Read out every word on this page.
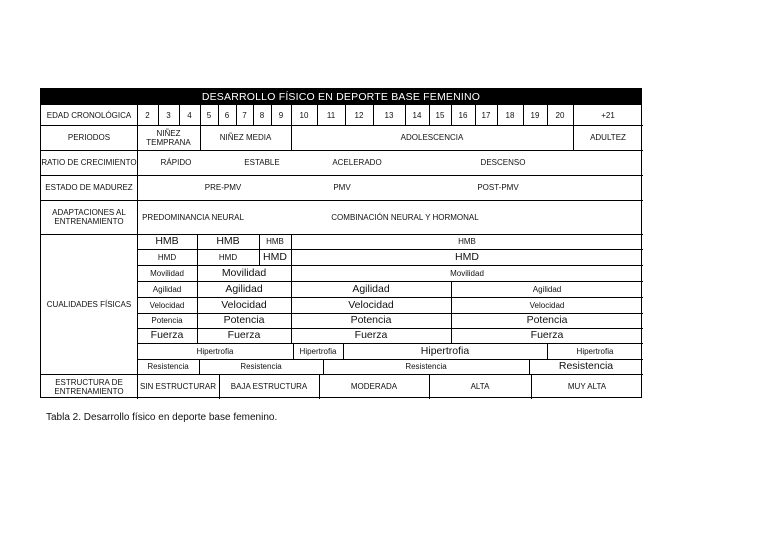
DESARROLLO FÍSICO EN DEPORTE BASE FEMENINO
EDAD CRONOLÓGICA	2	3	4	5	6	7	8	9	10	11	12	13	14	15	16	17	18	19	20	+21
PERIODOS	NIÑEZ TEMPRANA	NIÑEZ MEDIA	ADOLESCENCIA	ADULTEZ
RATIO DE CRECIMIENTO	RÁPIDO	ESTABLE	ACELERADO	DESCENSO
ESTADO DE MADUREZ	PRE-PMV	PMV	POST-PMV
ADAPTACIONES AL ENTRENAMIENTO	PREDOMINANCIA NEURAL	COMBINACIÓN NEURAL Y HORMONAL
CUALIDADES FÍSICAS
HMB	HMB	HMB	HMB
HMD	HMD	HMD	HMD
Movilidad	Movilidad	Movilidad
Agilidad	Agilidad	Agilidad	Agilidad
Velocidad	Velocidad	Velocidad	Velocidad
Potencia	Potencia	Potencia	Potencia
Fuerza	Fuerza	Fuerza	Fuerza
Hipertrofia	Hipertrofia	Hipertrofia	Hipertrofia
Resistencia	Resistencia	Resistencia	Resistencia
ESTRUCTURA DE ENTRENAMIENTO	SIN ESTRUCTURAR	BAJA ESTRUCTURA	MODERADA	ALTA	MUY ALTA
Tabla 2. Desarrollo físico en deporte base femenino.
